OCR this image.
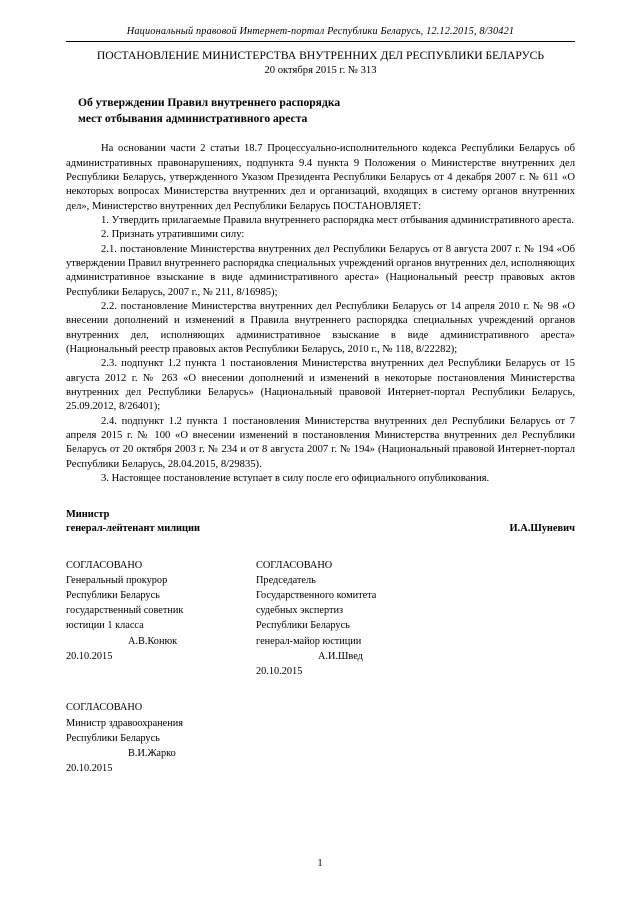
Национальный правовой Интернет-портал Республики Беларусь, 12.12.2015, 8/30421
ПОСТАНОВЛЕНИЕ МИНИСТЕРСТВА ВНУТРЕННИХ ДЕЛ РЕСПУБЛИКИ БЕЛАРУСЬ
20 октября 2015 г. № 313
Об утверждении Правил внутреннего распорядка
мест отбывания административного ареста

На основании части 2 статьи 18.7 Процессуально-исполнительного кодекса Республики Беларусь об административных правонарушениях, подпункта 9.4 пункта 9 Положения о Министерстве внутренних дел Республики Беларусь, утвержденного Указом Президента Республики Беларусь от 4 декабря 2007 г. № 611 «О некоторых вопросах Министерства внутренних дел и организаций, входящих в систему органов внутренних дел», Министерство внутренних дел Республики Беларусь ПОСТАНОВЛЯЕТ:

1. Утвердить прилагаемые Правила внутреннего распорядка мест отбывания административного ареста.

2. Признать утратившими силу:

2.1. постановление Министерства внутренних дел Республики Беларусь от 8 августа 2007 г. № 194 «Об утверждении Правил внутреннего распорядка специальных учреждений органов внутренних дел, исполняющих административное взыскание в виде административного ареста» (Национальный реестр правовых актов Республики Беларусь, 2007 г., № 211, 8/16985);

2.2. постановление Министерства внутренних дел Республики Беларусь от 14 апреля 2010 г. № 98 «О внесении дополнений и изменений в Правила внутреннего распорядка специальных учреждений органов внутренних дел, исполняющих административное взыскание в виде административного ареста» (Национальный реестр правовых актов Республики Беларусь, 2010 г., № 118, 8/22282);

2.3. подпункт 1.2 пункта 1 постановления Министерства внутренних дел Республики Беларусь от 15 августа 2012 г. № 263 «О внесении дополнений и изменений в некоторые постановления Министерства внутренних дел Республики Беларусь» (Национальный правовой Интернет-портал Республики Беларусь, 25.09.2012, 8/26401);

2.4. подпункт 1.2 пункта 1 постановления Министерства внутренних дел Республики Беларусь от 7 апреля 2015 г. № 100 «О внесении изменений в постановления Министерства внутренних дел Республики Беларусь от 20 октября 2003 г. № 234 и от 8 августа 2007 г. № 194» (Национальный правовой Интернет-портал Республики Беларусь, 28.04.2015, 8/29835).

3. Настоящее постановление вступает в силу после его официального опубликования.

Министр
генерал-лейтенант милиции	И.А.Шуневич
СОГЛАСОВАНО
Генеральный прокурор
Республики Беларусь
государственный советник
юстиции 1 класса
А.В.Конюк
20.10.2015
СОГЛАСОВАНО
Председатель
Государственного комитета
судебных экспертиз
Республики Беларусь
генерал-майор юстиции
А.И.Швед
20.10.2015
СОГЛАСОВАНО
Министр здравоохранения
Республики Беларусь
В.И.Жарко
20.10.2015
1
